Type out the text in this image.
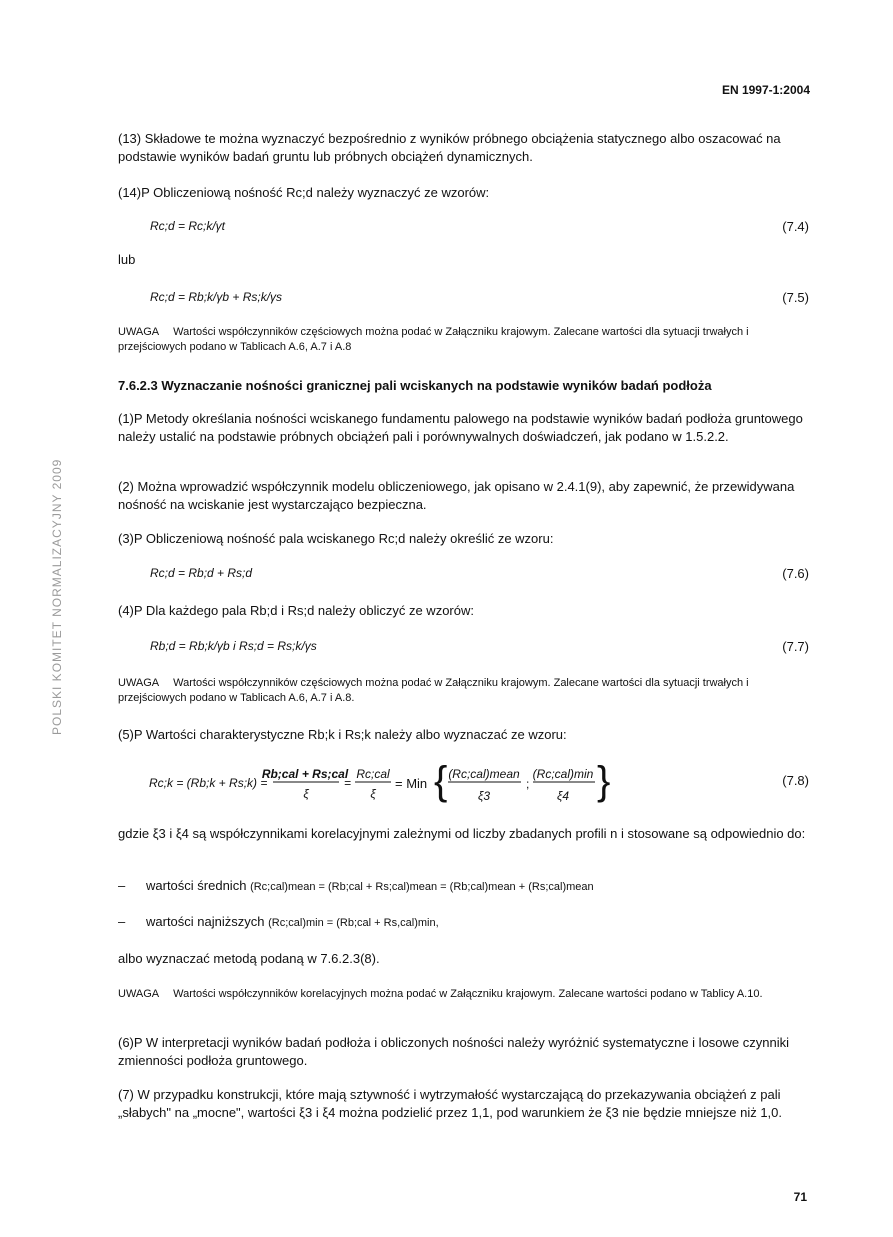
EN 1997-1:2004
POLSKI KOMITET NORMALIZACYJNY 2009
(13) Składowe te można wyznaczyć bezpośrednio z wyników próbnego obciążenia statycznego albo oszacować na podstawie wyników badań gruntu lub próbnych obciążeń dynamicznych.
(14)P Obliczeniową nośność Rc;d należy wyznaczyć ze wzorów:
Rc;d = Rc;k/γt	(7.4)
lub
Rc;d = Rb;k/γb + Rs;k/γs	(7.5)
UWAGA Wartości współczynników częściowych można podać w Załączniku krajowym. Zalecane wartości dla sytuacji trwałych i przejściowych podano w Tablicach A.6, A.7 i A.8
7.6.2.3 Wyznaczanie nośności granicznej pali wciskanych na podstawie wyników badań podłoża
(1)P Metody określania nośności wciskanego fundamentu palowego na podstawie wyników badań podłoża gruntowego należy ustalić na podstawie próbnych obciążeń pali i porównywalnych doświadczeń, jak podano w 1.5.2.2.
(2) Można wprowadzić współczynnik modelu obliczeniowego, jak opisano w 2.4.1(9), aby zapewnić, że przewidywana nośność na wciskanie jest wystarczająco bezpieczna.
(3)P Obliczeniową nośność pala wciskanego Rc;d należy określić ze wzoru:
Rc;d = Rb;d + Rs;d	(7.6)
(4)P Dla każdego pala Rb;d i Rs;d należy obliczyć ze wzorów:
Rb;d = Rb;k/γb i Rs;d = Rs;k/γs	(7.7)
UWAGA Wartości współczynników częściowych można podać w Załączniku krajowym. Zalecane wartości dla sytuacji trwałych i przejściowych podano w Tablicach A.6, A.7 i A.8.
(5)P Wartości charakterystyczne Rb;k i Rs;k należy albo wyznaczać ze wzoru:
Rc;k = (Rb;k + Rs;k) =
Rb;cal + Rs;cal
ξ
=
Rc;cal
ξ
= Min { (Rc;cal)mean
ξ3
;
(Rc;cal)min
ξ4 }	(7.8)
gdzie ξ3 i ξ4 są współczynnikami korelacyjnymi zależnymi od liczby zbadanych profili n i stosowane są odpowiednio do:
– wartości średnich (Rc;cal)mean = (Rb;cal + Rs;cal)mean = (Rb;cal)mean + (Rs;cal)mean
– wartości najniższych (Rc;cal)min = (Rb;cal + Rs,cal)min,
albo wyznaczać metodą podaną w 7.6.2.3(8).
UWAGA Wartości współczynników korelacyjnych można podać w Załączniku krajowym. Zalecane wartości podano w Tablicy A.10.
(6)P W interpretacji wyników badań podłoża i obliczonych nośności należy wyróżnić systematyczne i losowe czynniki zmienności podłoża gruntowego.
(7) W przypadku konstrukcji, które mają sztywność i wytrzymałość wystarczającą do przekazywania obciążeń z pali „słabych" na „mocne", wartości ξ3 i ξ4 można podzielić przez 1,1, pod warunkiem że ξ3 nie będzie mniejsze niż 1,0.
71
